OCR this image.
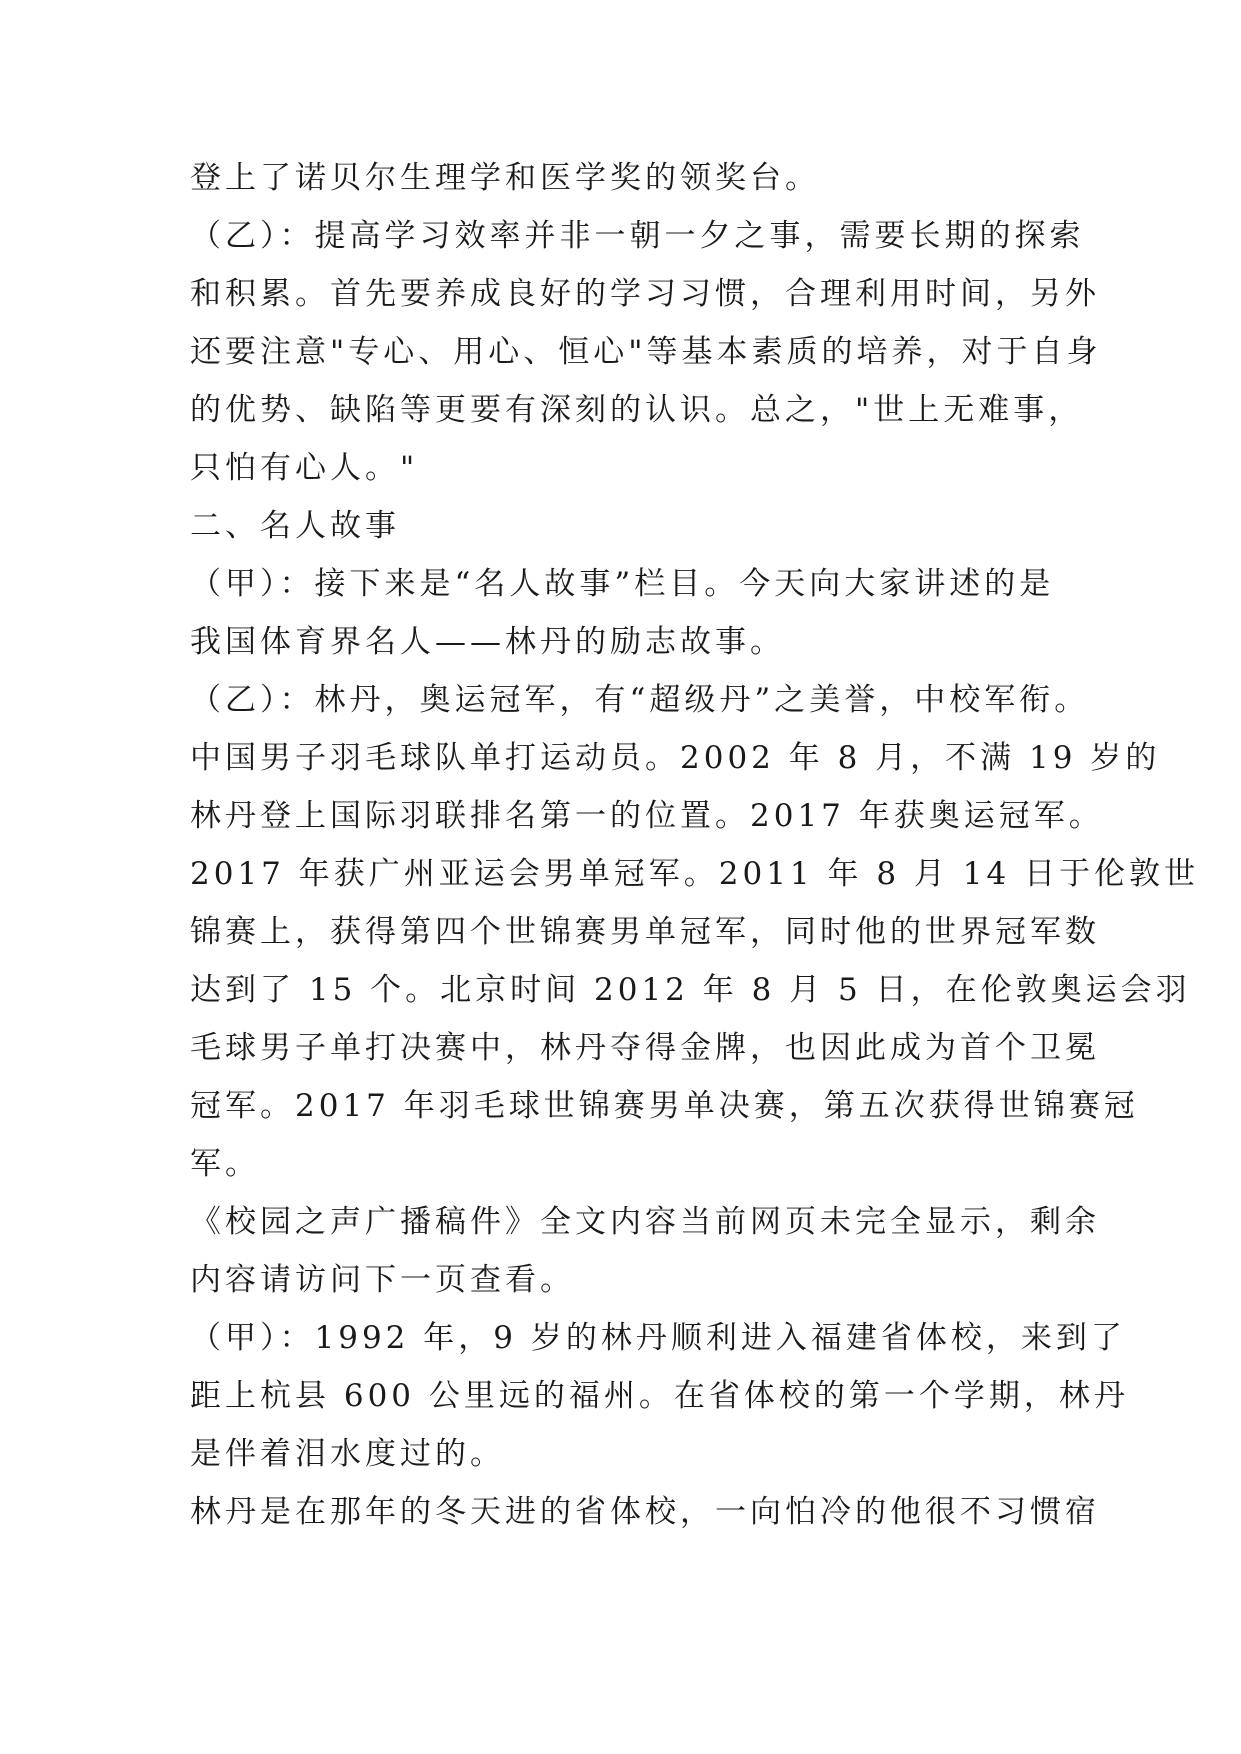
登上了诺贝尔生理学和医学奖的领奖台。
（乙）：提高学习效率并非一朝一夕之事，需要长期的探索
和积累。首先要养成良好的学习习惯，合理利用时间，另外
还要注意"专心、用心、恒心"等基本素质的培养，对于自身
的优势、缺陷等更要有深刻的认识。总之，"世上无难事，
只怕有心人。"
二、名人故事
（甲）：接下来是“名人故事”栏目。今天向大家讲述的是
我国体育界名人——林丹的励志故事。
（乙）：林丹，奥运冠军，有“超级丹”之美誉，中校军衔。
中国男子羽毛球队单打运动员。2002 年 8 月，不满 19 岁的
林丹登上国际羽联排名第一的位置。2017 年获奥运冠军。
2017 年获广州亚运会男单冠军。2011 年 8 月 14 日于伦敦世
锦赛上，获得第四个世锦赛男单冠军，同时他的世界冠军数
达到了 15 个。北京时间 2012 年 8 月 5 日，在伦敦奥运会羽
毛球男子单打决赛中，林丹夺得金牌，也因此成为首个卫冕
冠军。2017 年羽毛球世锦赛男单决赛，第五次获得世锦赛冠
军。
《校园之声广播稿件》全文内容当前网页未完全显示，剩余
内容请访问下一页查看。
（甲）：1992 年，9 岁的林丹顺利进入福建省体校，来到了
距上杭县 600 公里远的福州。在省体校的第一个学期，林丹
是伴着泪水度过的。
林丹是在那年的冬天进的省体校，一向怕冷的他很不习惯宿
